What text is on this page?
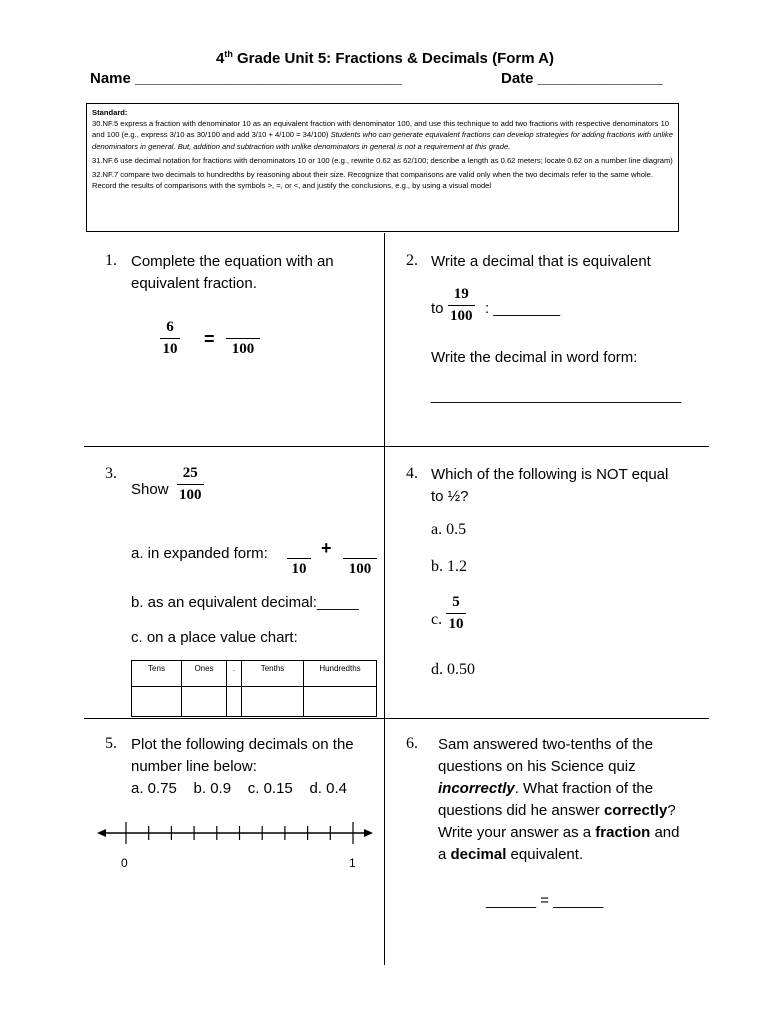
4th Grade Unit 5: Fractions & Decimals (Form A)
Name ________________________________	Date _______________

Standard:

30.NF.5 express a fraction with denominator 10 as an equivalent fraction with denominator 100, and use this technique to add two fractions with respective denominators 10 and 100 (e.g., express 3/10 as 30/100 and add 3/10 + 4/100 = 34/100) Students who can generate equivalent fractions can develop strategies for adding fractions with unlike denominators in general. But, addition and subtraction with unlike denominators in general is not a requirement at this grade.

31.NF.6 use decimal notation for fractions with denominators 10 or 100 (e.g., rewrite 0.62 as 62/100; describe a length as 0.62 meters; locate 0.62 on a number line diagram)

32.NF.7 compare two decimals to hundredths by reasoning about their size. Recognize that comparisons are valid only when the two decimals refer to the same whole. Record the results of comparisons with the symbols >, =, or <, and justify the conclusions, e.g., by using a visual model

1. Complete the equation with an
equivalent fraction.
$\frac{6}{10} = 100$
2. Write a decimal that is equivalent
to $\frac{19}{100}$ : ________
Write the decimal in word form:
______________________________
3.
Show $\frac{25}{100}$
a. in expanded form:
10
+
100
b. as an equivalent decimal:_____
c. on a place value chart:
Tens	Ones	.	Tenths	Hundredths

4. Which of the following is NOT equal
to ½?
a. 0.5
b. 1.2
c. $\frac{5}{10}$
d. 0.50
5. Plot the following decimals on the
number line below:
a. 0.75    b. 0.9    c. 0.15    d. 0.4
0	1
6. Sam answered two-tenths of the
questions on his Science quiz
incorrectly. What fraction of the
questions did he answer correctly?
Write your answer as a fraction and
a decimal equivalent.
______ = ______
